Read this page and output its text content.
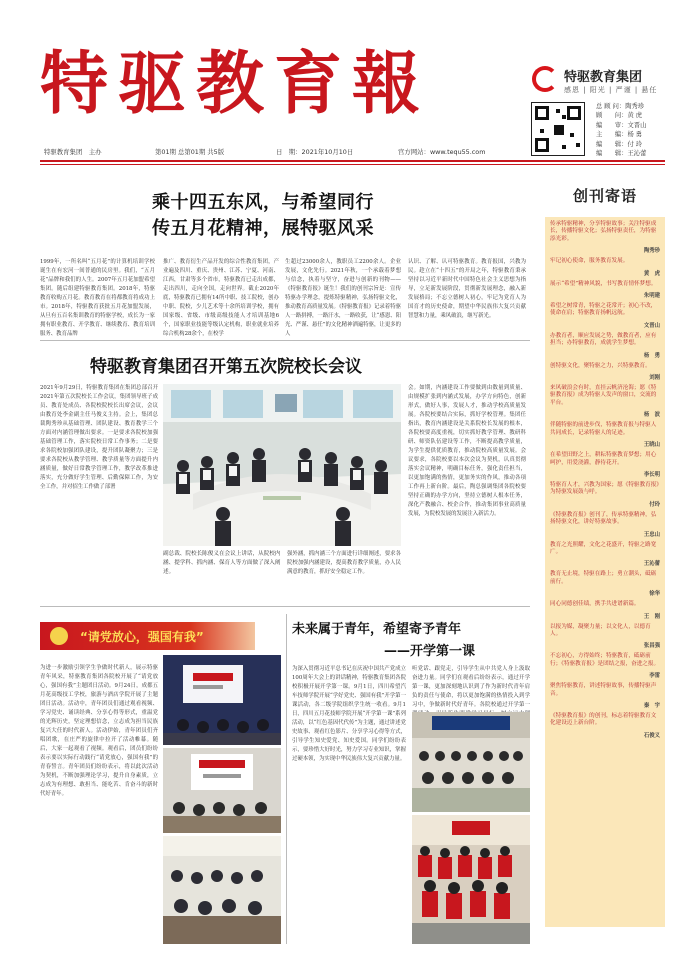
特驱教育報	特驱教育集团
感恩 | 阳光 | 严谨 | 悬任
总 顾 问：陶秀珍
顾　　问：黄 虎
编　　审：文晋山
主　　编：杨 勇
编　　辑：付 玲
编　　辑：王沁蕾
特驱教育集团　主办	第01期 总第01期 共5版	日　期：2021年10月10日	官方网站：www.tequ55.com
乘十四五东风，与希望同行
传五月花精神，展特驱风采
1999年，一所名叫“五月花”的计算机培训学校诞生在有宏河一间普通的民房里。我们，“五月花”品牌和我们的人生。2007年五月花加盟希望集团。随后组建特驱教育集团。2018年，特驱教育收购五月花。教育教育在将都教育将成功上市。2018年，特驱教育获批五月花加盟发展，从旦有五百名集训教育的特驱学校，成长为一家拥有职业教育、开学教育、继续教育、教育培训服务、教育品牌
推广、教育衍生产品开发的综合性教育集团，产业遍及四川、重庆、贵州、江苏、宁夏、河南、江西，甘肃等多个省市，特驱教育已走出成都，走出四川，走向全国，走向世界。截止2020年底，特驱教育已拥有14所中职、技工院校，创办中职、院校，少儿艺术等十余所培训学校，拥有国家级、省级、市级高级技能人才培训基地6个，国家职业技能等级认定机构，职业就业培养综合机构28余个，在校学
生超过23000余人，教职员工2200余人。企业发展，文化先行。2021年秋，一个承载着梦想与信念，执着与坚守，奋进与创新的刊物——《特驱教育报》诞生！我们的创刊宗旨是：宣传特驱办学理念，提炼特驱精神，弘扬特驱文化，推动教育高质量发展。《特驱教育报》记录着特驱人一路拼搏，一路汗水，一路收获，让“感恩、阳光、严谨、悬任”的文化精神洒遍特驱，让更多的人
认识、了解、认可特驱教育。教育报国，兴教为民。趁立在“十四五”的开局之年，特驱教育秉承坚持以习近平新时代中国特色社会主义思想为指导，立足新发展阶段，贯彻新发展理念，融入新发展格局；不忘立德树人初心，牢记为党育人为国育才的历史使命，期望中华民族伟大复兴贡献智慧和力量，乘风破浪，继写新光。
特驱教育集团召开第五次院校长会议
2021年9月29日，特驱教育集团在集团总部召开2021年第五次院校长工作会议，集团领导班子成员、教育处成员、各院校院校长出席会议，会议由教育处李金副主任马俊义主持。会上，集团总裁陶秀珍从基础管理、团队建设、教育教学三个方面对内涵管理做出要求。一是要求各院校加强基础管理工作，落实院校日常工作事务；二是要求各院校加强团队建设，提升团队凝聚力；三是要求各院校从教学管理、教学质量等方面提升内涵质量，做好日常教学管理工作，教学改革推进落实，充分做好学生管理、后勤保障工作，为安全工作，并对招生工作做了部署
副总裁、院校长陈俊义在会议上讲话，从院校内涵、提学科、抓内涵、保育人等方面做了深入阐述。
强外涵，抓内涵三个方面进行详细阐述，要求各院校加强内涵建设，提高教育教学质量，办人民满意的教育，抓好安全稳定工作。
会。如期，内涵建设工作要做到由数量到质量、由规模扩张到内涵式发展，办学方向特色，创新形式，做好人事，发展人才，推动学校高质量发展。各院校要结合实际，抓好学校管理。集团任指出，教育内涵建设是关系院校长发展的根本，各院校要高度重视，切实抓好教学管理、教研科研、师资队伍建设等工作，不断提高教学质量，为学生提供优质教育，推动院校高质量发展。会议要求，各院校要以本次会议为契机，认真贯彻落实会议精神，明确目标任务，强化责任担当，以更加饱满的热情，更加务实的作风，推动各项工作再上新台阶。最后，陶总强调集团各院校要坚持正确的办学方向，坚持立德树人根本任务，深化产教融合、校企合作，推动集团事业高质量发展，为院校发展的发展注入新活力。
“请党放心，强国有我”
为进一步激励引领学生争做时代新人，展示特驱青年风采，特驱教育集团各院校开展了“请党放心，强国有我”主题团日活动。9月24日，成都五月花高级技工学校，旅游与酒店学院开展了主题团日活动。活动中，青年团员们通过观看视频、学习党史、诵读经典、分享心得等形式，重温党的光辉历史，坚定理想信念，立志成为担当民族复兴大任的时代新人。活动伊始，青年团员们齐唱团歌，在庄严的旋律中拉开了活动帷幕。随后，大家一起观看了视频。观看后，团员们纷纷表示要以实际行动践行“请党放心，强国有我”的青春誓言。青年团员们纷纷表示，将以此次活动为契机，不断加强理论学习，提升自身素质，立志成为有理想、敢担当、能吃苦、肯奋斗的新时代好青年。
未来属于青年，希望寄予青年
——开学第一课
为深入贯彻习近平总书记在庆祝中国共产党成立100周年大会上的讲话精神，特驱教育集团各院校积极开展开学第一课。9月1日，四川希望汽车技师学院开展“学好党史、强国有我”开学第一课活动，各二级学院组织学生统一收看。9月1日，四川五月花技师学院开展“开学第一课”系列活动，以“红色基因代代传”为主题，通过讲述党史故事、观看红色影片、分享学习心得等方式，引导学生知史爱党、知史爱国。同学们纷纷表示，要珍惜大好时光，努力学习专业知识，掌握过硬本领，为实现中华民族伟大复兴贡献力量。
听党话、跟党走，引导学生从中共党人身上汲取奋进力量。同学们在观看后纷纷表示，通过开学第一课，更加深刻地认识到了作为新时代青年肩负的责任与使命，将以更加饱满的热情投入到学习中，争做新时代好青年。各院校通过开学第一
创刊寄语
传承特驱精神，分享特驱故事；关注特驱成长，传播特驱文化；弘扬特驱责任，为特驱添光彩。
陶秀珍
牢记初心使命，服务教育发展。
黄　虎
展示“希望”精神风貌，书写教育情怀梦想。
朱明建
希望之树常青，特驱之花常开；初心不改，使命在肩；特驱教育扬帆远航。
文晋山
办教育者，顺应发展之势，做教育者，应有担当；办特驱教育，成就学生梦想。
杨　勇
创特驱文化，聚特驱之力，兴特驱教育。
刘刚
来风破浪会有时，直挂云帆济沧海；愿《特驱教育报》成为特驱人发声的窗口，交流的平台。
杨　波
伴随特驱的前进步伐，特驱教育报与特驱人共同成长，记录特驱人的足迹。
王晓山
在希望田野之上，耕耘特驱教育梦想；用心呵护，用爱浇灌，静待花开。
李长明
特驱育人才，兴教为国家；愿《特驱教育报》为特驱发展鼓与呼。
付玲
《特驱教育报》创刊了，传承特驱精神，弘扬特驱文化，讲好特驱故事。
王忠山
教育之光照耀，文化之花盛开，特驱之路宽广。
王沁蕾
教育无止境，特驱在路上；勇立潮头，砥砺前行。
徐华
同心同德创佳绩，携手共进谱新篇。
王　刚
以报为媒，凝聚力量；以文化人，以德育人。
张昌强
不忘初心，方得始终；特驱教育，砥砺前行；《特驱教育报》是团结之报，奋进之报。
李雷
聚焦特驱教育，讲述特驱故事，传播特驱声音。
秦　宇
《特驱教育报》的创刊，标志着特驱教育文化建设迈上新台阶。
石俊义
